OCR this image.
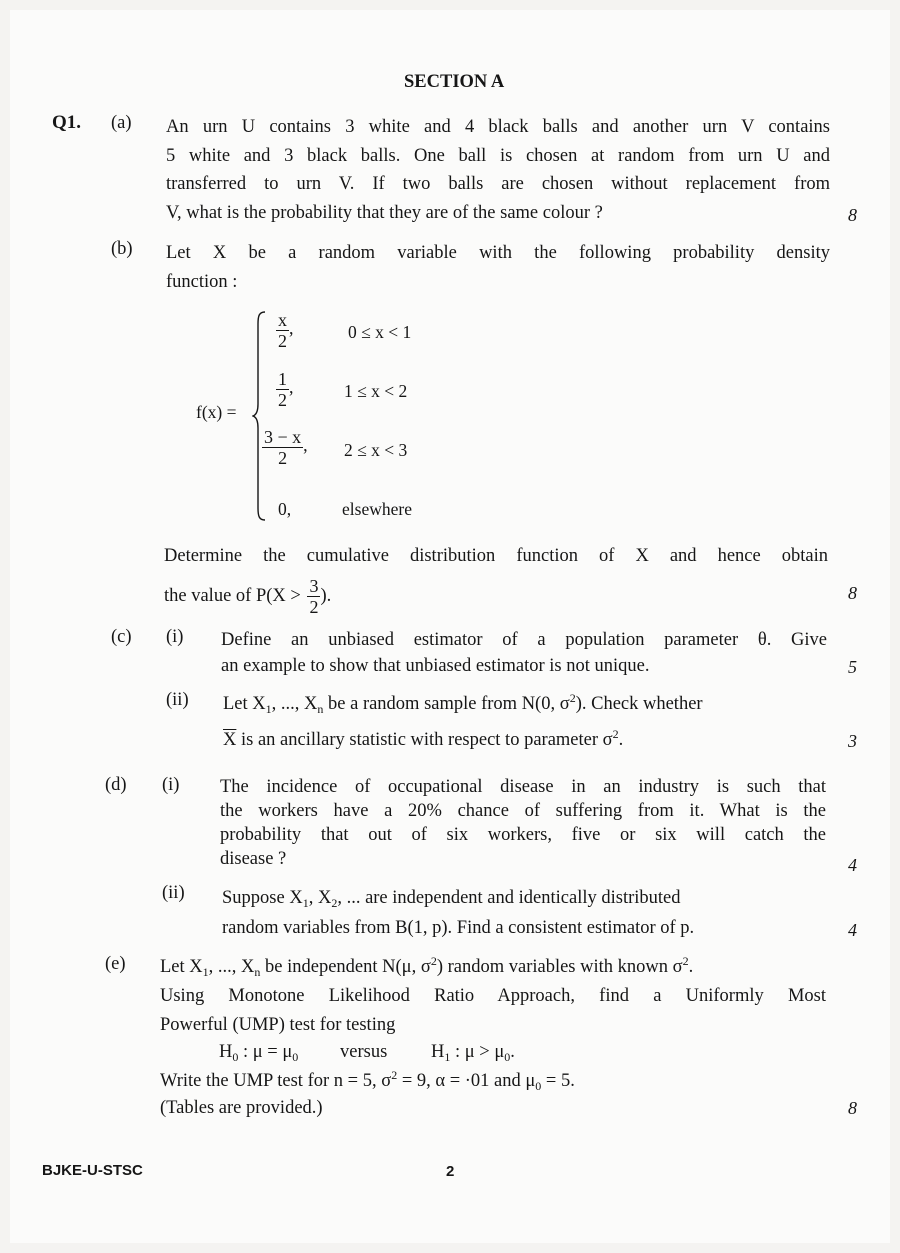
SECTION A
Q1. (a) An urn U contains 3 white and 4 black balls and another urn V contains
5 white and 3 black balls. One ball is chosen at random from urn U and
transferred to urn V. If two balls are chosen without replacement from
V, what is the probability that they are of the same colour ?	8
(b) Let X be a random variable with the following probability density
function :
f(x) =
$\frac{x}{2}$ ,	0 ≤ x < 1
$\frac{1}{2}$ ,	1 ≤ x < 2
$\frac{3 - x}{2}$ , 2 ≤ x < 3
0,	elsewhere
Determine the cumulative distribution function of X and hence obtain
the value of $P(X > \frac{3}{2}$ ).	8
(c) (i) Define an unbiased estimator of a population parameter θ. Give
an example to show that unbiased estimator is not unique.	5
(ii) Let $X_1$, ..., $X_n$ be a random sample from N(0, $\sigma^2$). Check whether
$\overline{X}$ is an ancillary statistic with respect to parameter $\sigma^2$.	3
(d) (i) The incidence of occupational disease in an industry is such that
the workers have a 20% chance of suffering from it. What is the
probability that out of six workers, five or six will catch the
disease ?	4
(ii) Suppose $X_1$, $X_2$, ... are independent and identically distributed
random variables from B(1, p). Find a consistent estimator of p.	4
(e) Let $X_1$, ..., $X_n$ be independent N(μ, $\sigma^2$) random variables with known $\sigma^2$.
Using Monotone Likelihood Ratio Approach, find a Uniformly Most
Powerful (UMP) test for testing
$H_0$ : $\mu = \mu_0$ versus $H_1$ : $\mu > \mu_0$.
Write the UMP test for n = 5, $\sigma^2 = 9$, α = ·01 and $\mu_0 = 5$.
(Tables are provided.)	8
BJKE-U-STSC	2
